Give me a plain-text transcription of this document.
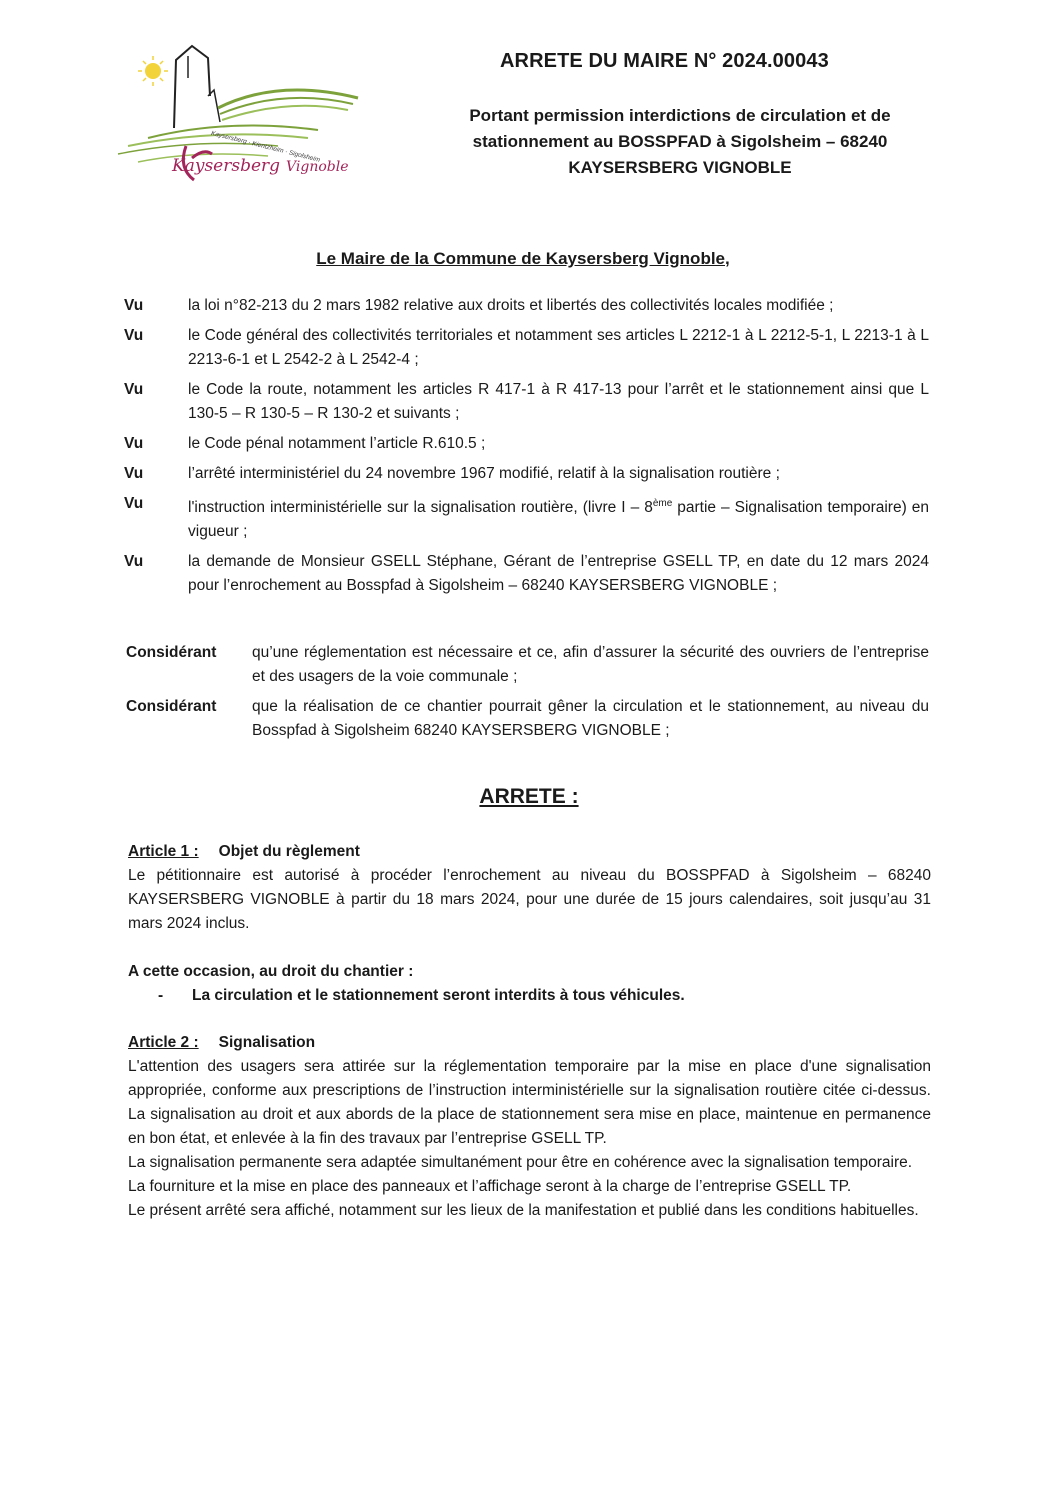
Kaysersberg · Kientzheim · Sigolsheim
Kaysersberg Vignoble
ARRETE DU MAIRE N° 2024.00043
Portant permission interdictions de circulation et de
stationnement au BOSSPFAD à Sigolsheim – 68240
KAYSERSBERG VIGNOBLE
Le Maire de la Commune de Kaysersberg Vignoble,
Vu	la loi n°82-213 du 2 mars 1982 relative aux droits et libertés des collectivités locales modifiée ;
Vu	le Code général des collectivités territoriales et notamment ses articles L 2212-1 à L 2212-5-1, L 2213-1 à L 2213-6-1 et L 2542-2 à L 2542-4 ;
Vu	le Code la route, notamment les articles R 417-1 à R 417-13 pour l’arrêt et le stationnement ainsi que L 130-5 – R 130-5 – R 130-2 et suivants ;
Vu	le Code pénal notamment l’article R.610.5 ;
Vu	l’arrêté interministériel du 24 novembre 1967 modifié, relatif à la signalisation routière ;
Vu	l'instruction interministérielle sur la signalisation routière, (livre I – 8ème partie – Signalisation temporaire) en vigueur ;
Vu	la demande de Monsieur GSELL Stéphane, Gérant de l’entreprise GSELL TP, en date du 12 mars 2024 pour l’enrochement au Bosspfad à Sigolsheim – 68240 KAYSERSBERG VIGNOBLE ;
Considérant	qu’une réglementation est nécessaire et ce, afin d’assurer la sécurité des ouvriers de l’entreprise et des usagers de la voie communale ;
Considérant	que la réalisation de ce chantier pourrait gêner la circulation et le stationnement, au niveau du Bosspfad à Sigolsheim 68240 KAYSERSBERG VIGNOBLE ;
ARRETE :
Article 1 : Objet du règlement

Le pétitionnaire est autorisé à procéder l’enrochement au niveau du BOSSPFAD à Sigolsheim – 68240 KAYSERSBERG VIGNOBLE à partir du 18 mars 2024, pour une durée de 15 jours calendaires, soit jusqu’au 31 mars 2024 inclus.

A cette occasion, au droit du chantier :
-	La circulation et le stationnement seront interdits à tous véhicules.
Article 2 : Signalisation

L'attention des usagers sera attirée sur la réglementation temporaire par la mise en place d'une signalisation appropriée, conforme aux prescriptions de l’instruction interministérielle sur la signalisation routière citée ci-dessus. La signalisation au droit et aux abords de la place de stationnement sera mise en place, maintenue en permanence en bon état, et enlevée à la fin des travaux par l’entreprise GSELL TP.

La signalisation permanente sera adaptée simultanément pour être en cohérence avec la signalisation temporaire.

La fourniture et la mise en place des panneaux et l’affichage seront à la charge de l’entreprise GSELL TP.

Le présent arrêté sera affiché, notamment sur les lieux de la manifestation et publié dans les conditions habituelles.
